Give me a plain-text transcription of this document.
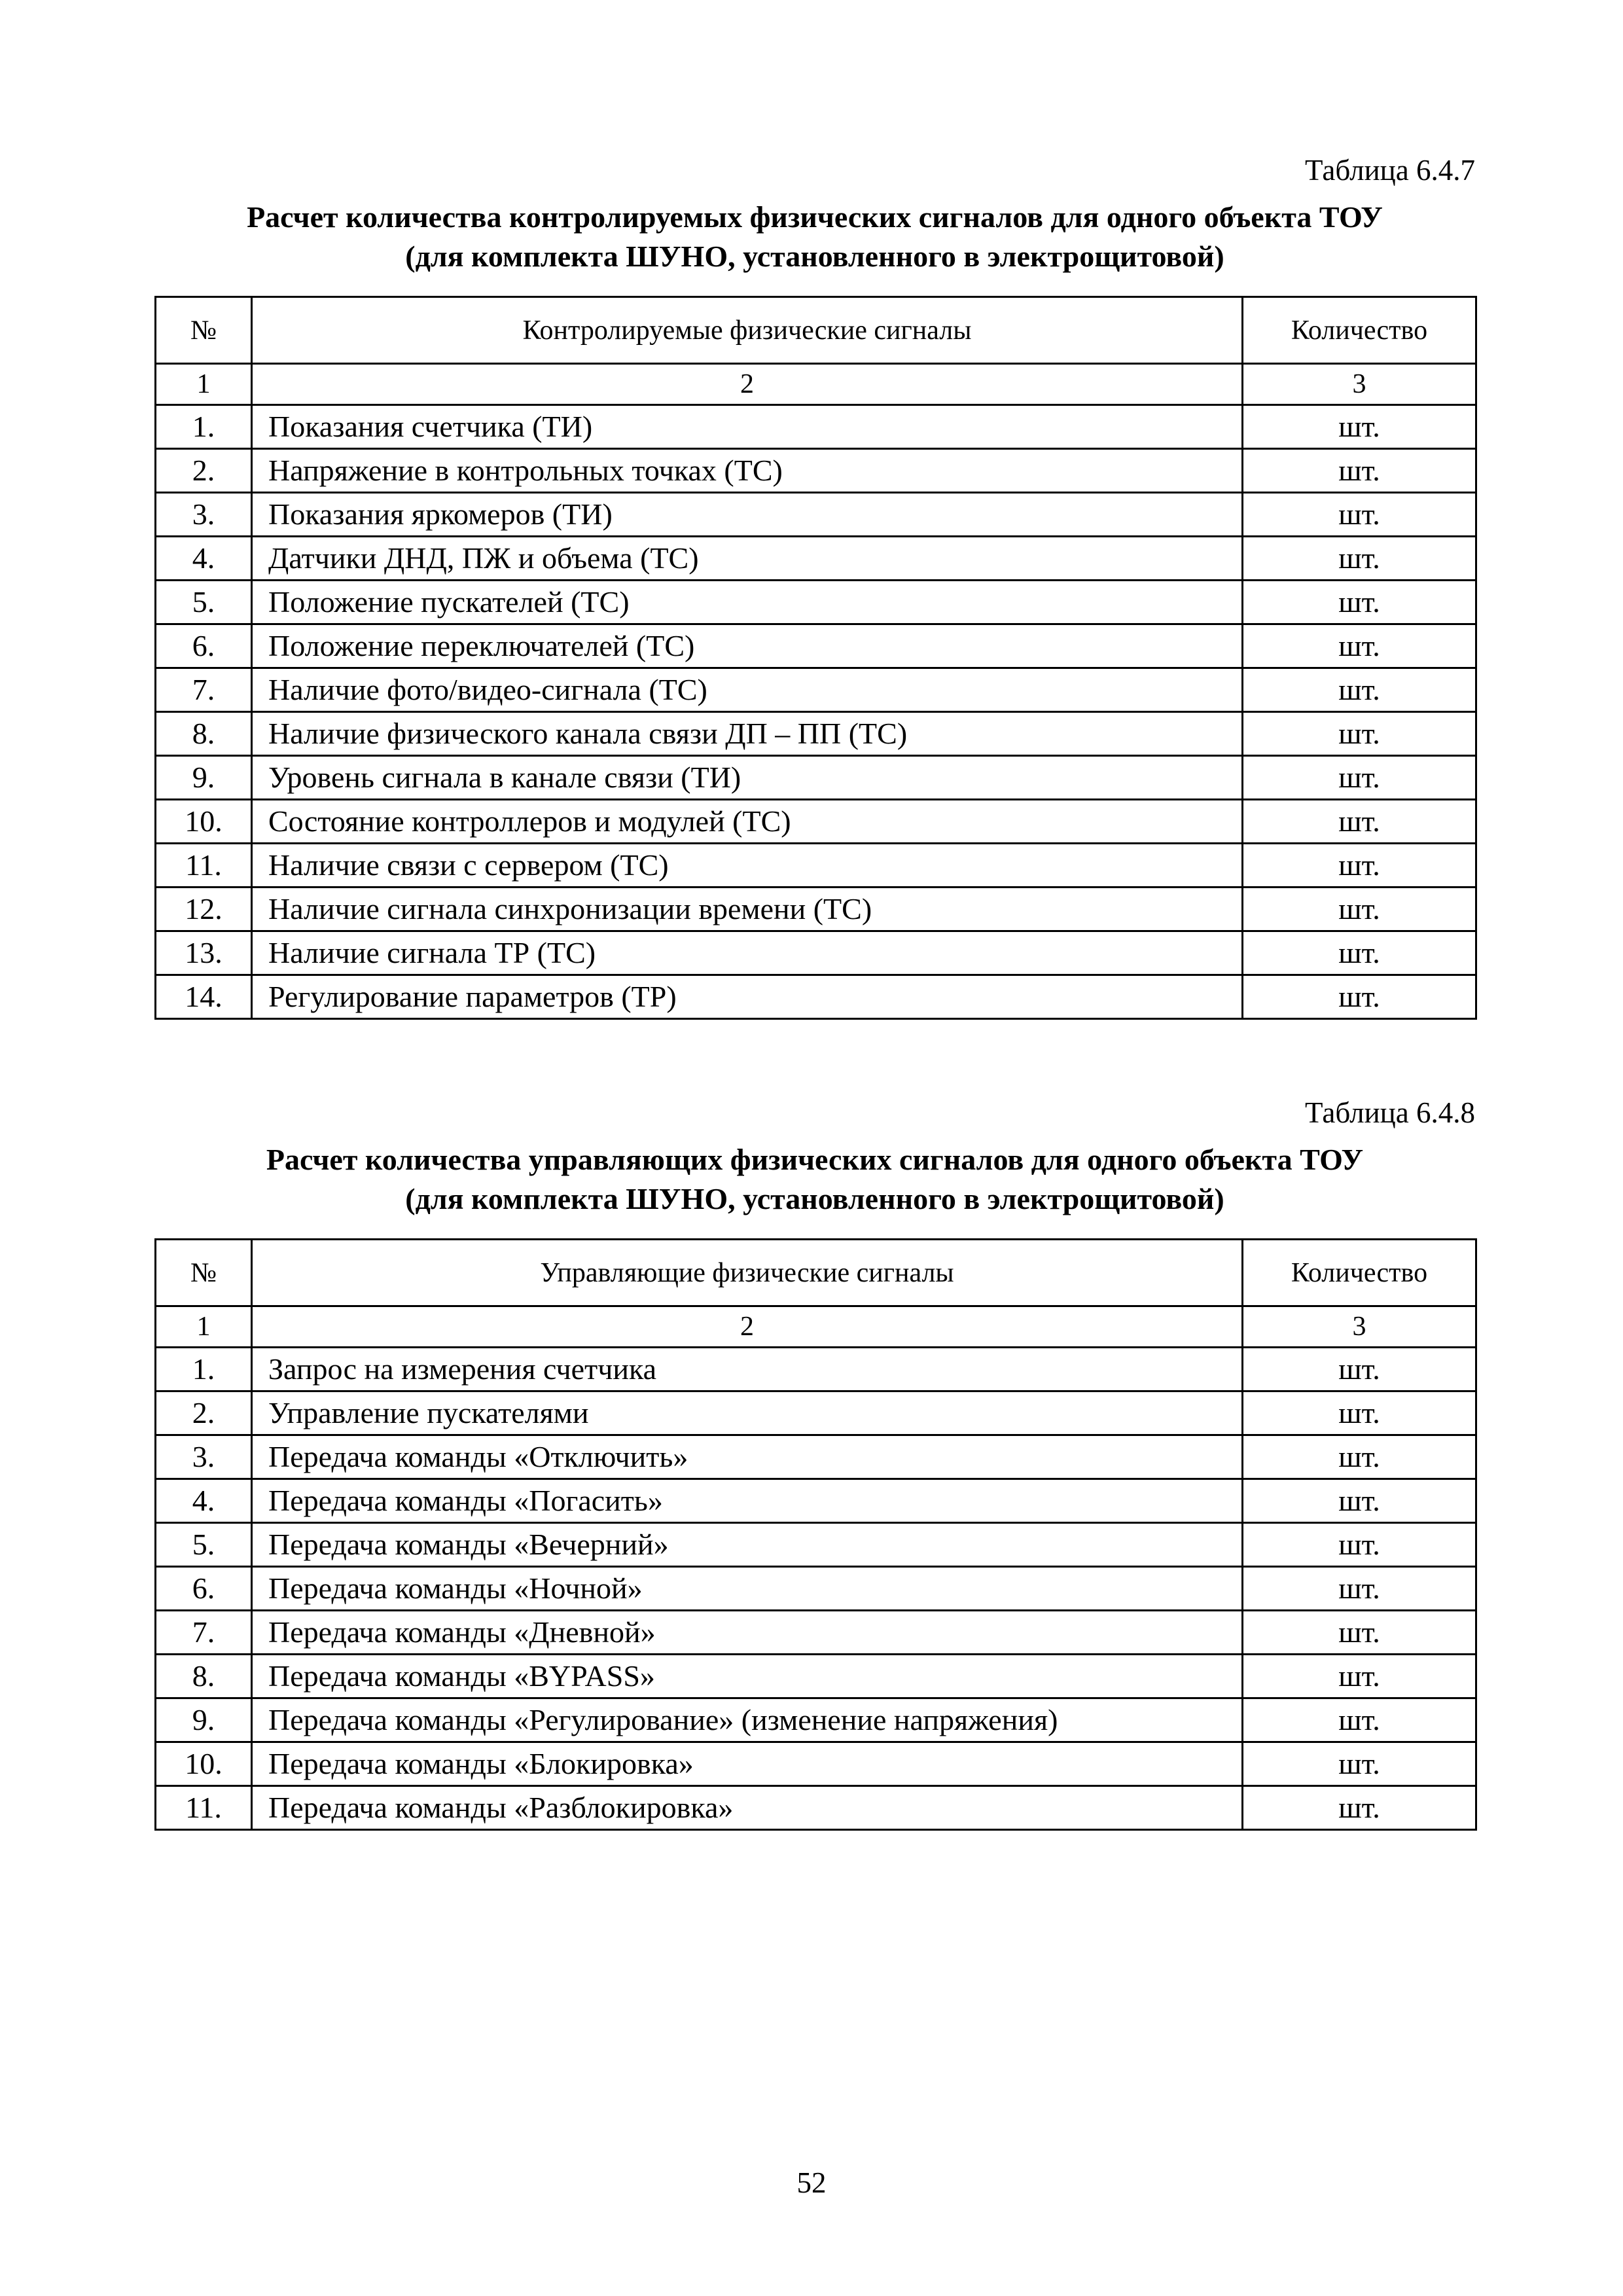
Таблица 6.4.7

Расчет количества контролируемых физических сигналов для одного объекта ТОУ
(для комплекта ШУНО, установленного в электрощитовой)

№	Контролируемые физические сигналы	Количество
1	2	3
1.	Показания счетчика (ТИ)	шт.
2.	Напряжение в контрольных точках (ТС)	шт.
3.	Показания яркомеров (ТИ)	шт.
4.	Датчики ДНД, ПЖ и объема (ТС)	шт.
5.	Положение пускателей (ТС)	шт.
6.	Положение переключателей (ТС)	шт.
7.	Наличие фото/видео-сигнала (ТС)	шт.
8.	Наличие физического канала связи ДП – ПП (ТС)	шт.
9.	Уровень сигнала в канале связи (ТИ)	шт.
10.	Состояние контроллеров и модулей (ТС)	шт.
11.	Наличие связи с сервером (ТС)	шт.
12.	Наличие сигнала синхронизации времени (ТС)	шт.
13.	Наличие сигнала ТР (ТС)	шт.
14.	Регулирование параметров (ТР)	шт.

Таблица 6.4.8

Расчет количества управляющих физических сигналов для одного объекта ТОУ
(для комплекта ШУНО, установленного в электрощитовой)

№	Управляющие физические сигналы	Количество
1	2	3
1.	Запрос на измерения счетчика	шт.
2.	Управление пускателями	шт.
3.	Передача команды «Отключить»	шт.
4.	Передача команды «Погасить»	шт.
5.	Передача команды «Вечерний»	шт.
6.	Передача команды «Ночной»	шт.
7.	Передача команды «Дневной»	шт.
8.	Передача команды «BYPASS»	шт.
9.	Передача команды «Регулирование» (изменение напряжения)	шт.
10.	Передача команды «Блокировка»	шт.
11.	Передача команды «Разблокировка»	шт.
52
